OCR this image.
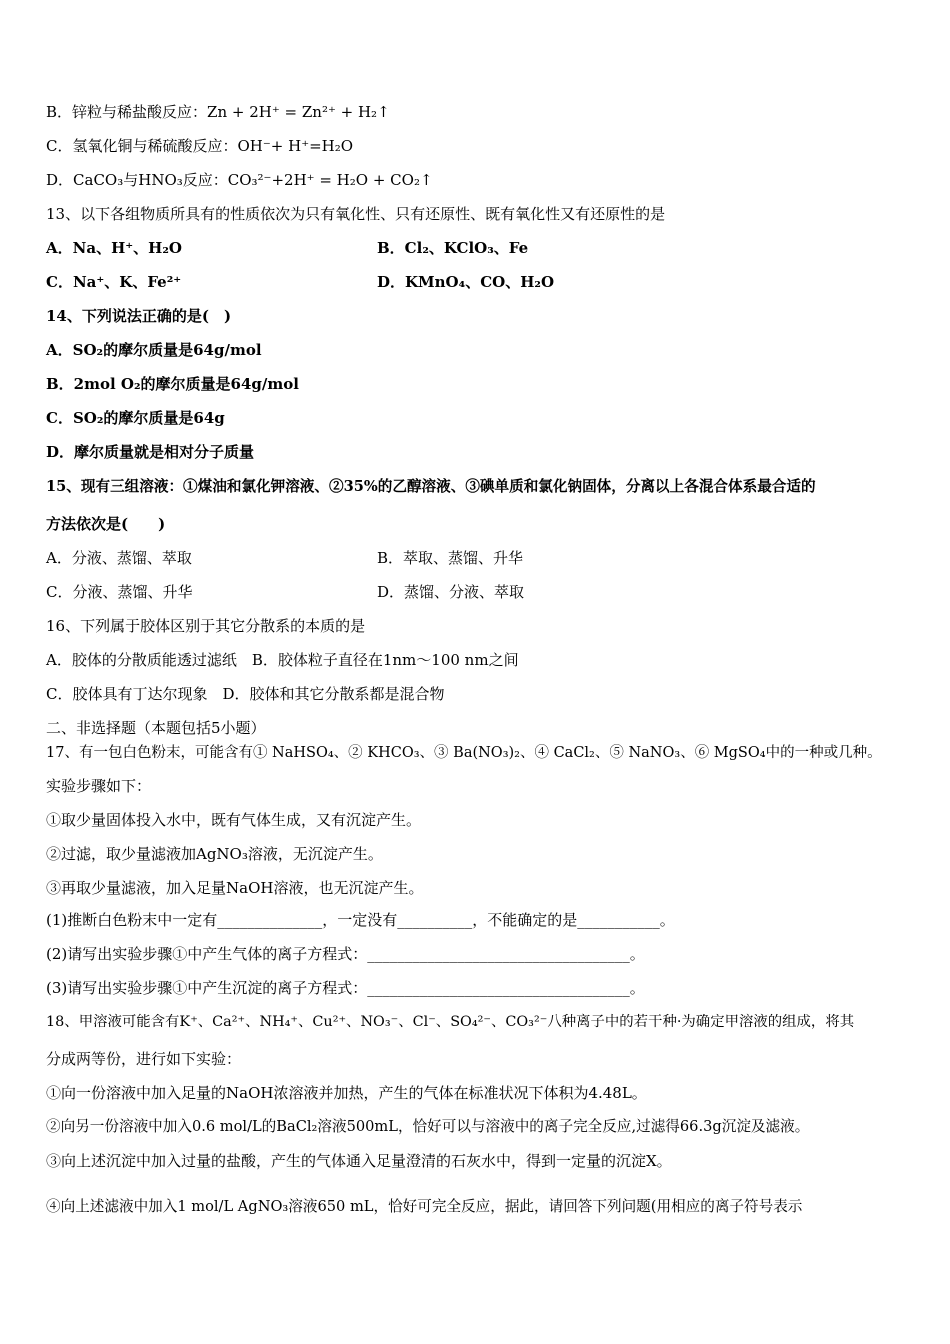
B．锌粒与稀盐酸反应：Zn + 2H⁺ = Zn²⁺ + H₂↑
C．氢氧化铜与稀硫酸反应：OH⁻+ H⁺=H₂O
D．CaCO₃与HNO₃反应：CO₃²⁻+2H⁺ = H₂O + CO₂↑
13、以下各组物质所具有的性质依次为只有氧化性、只有还原性、既有氧化性又有还原性的是
A．Na、H⁺、H₂O	B．Cl₂、KClO₃、Fe
C．Na⁺、K、Fe²⁺	D．KMnO₄、CO、H₂O
14、下列说法正确的是(　)
A．SO₂的摩尔质量是64g/mol
B．2mol O₂的摩尔质量是64g/mol
C．SO₂的摩尔质量是64g
D．摩尔质量就是相对分子质量
15、现有三组溶液：①煤油和氯化钾溶液、②35%的乙醇溶液、③碘单质和氯化钠固体，分离以上各混合体系最合适的
方法依次是(　　)
A．分液、蒸馏、萃取	B．萃取、蒸馏、升华
C．分液、蒸馏、升华	D．蒸馏、分液、萃取
16、下列属于胶体区别于其它分散系的本质的是
A．胶体的分散质能透过滤纸　B．胶体粒子直径在1nm～100 nm之间
C．胶体具有丁达尔现象　D．胶体和其它分散系都是混合物
二、非选择题（本题包括5小题）
17、有一包白色粉末，可能含有① NaHSO₄、② KHCO₃、③ Ba(NO₃)₂、④ CaCl₂、⑤ NaNO₃、⑥ MgSO₄中的一种或几种。
实验步骤如下：
①取少量固体投入水中，既有气体生成，又有沉淀产生。
②过滤，取少量滤液加AgNO₃溶液，无沉淀产生。
③再取少量滤液，加入足量NaOH溶液，也无沉淀产生。
(1)推断白色粉末中一定有______________，一定没有__________，不能确定的是___________。
(2)请写出实验步骤①中产生气体的离子方程式：___________________________________。
(3)请写出实验步骤①中产生沉淀的离子方程式：___________________________________。
18、甲溶液可能含有K⁺、Ca²⁺、NH₄⁺、Cu²⁺、NO₃⁻、Cl⁻、SO₄²⁻、CO₃²⁻八种离子中的若干种·为确定甲溶液的组成，将其
分成两等份，进行如下实验：
①向一份溶液中加入足量的NaOH浓溶液并加热，产生的气体在标准状况下体积为4.48L。
②向另一份溶液中加入0.6 mol/L的BaCl₂溶液500mL，恰好可以与溶液中的离子完全反应,过滤得66.3g沉淀及滤液。
③向上述沉淀中加入过量的盐酸，产生的气体通入足量澄清的石灰水中，得到一定量的沉淀X。
④向上述滤液中加入1 mol/L AgNO₃溶液650 mL，恰好可完全反应，据此，请回答下列问题(用相应的离子符号表示
